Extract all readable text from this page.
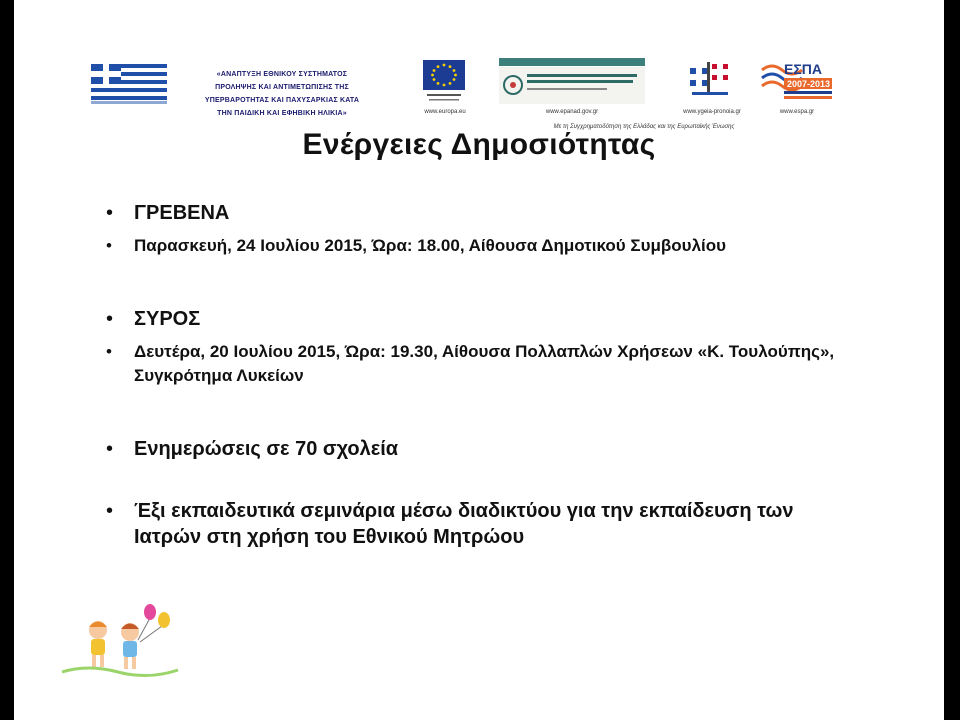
«ΑΝΑΠΤΥΞΗ ΕΘΝΙΚΟΥ ΣΥΣΤΗΜΑΤΟΣ
ΠΡΟΛΗΨΗΣ ΚΑΙ ΑΝΤΙΜΕΤΩΠΙΣΗΣ ΤΗΣ
ΥΠΕΡΒΑΡΟΤΗΤΑΣ ΚΑΙ ΠΑΧΥΣΑΡΚΙΑΣ ΚΑΤΑ
ΤΗΝ ΠΑΙΔΙΚΗ ΚΑΙ ΕΦΗΒΙΚΗ ΗΛΙΚΙΑ»	www.europa.eu	www.epanad.gov.gr	www.ygeia-pronoia.gr
ΕΣΠΑ
2007-2013
www.espa.gr
Με τη Συγχρηματοδότηση της Ελλάδας και της Ευρωπαϊκής Ένωσης
Ενέργειες Δημοσιότητας
• ΓΡΕΒΕΝΑ
• Παρασκευή, 24 Ιουλίου 2015, Ώρα: 18.00, Αίθουσα Δημοτικού Συμβουλίου
• ΣΥΡΟΣ
• Δευτέρα, 20 Ιουλίου 2015, Ώρα: 19.30, Αίθουσα Πολλαπλών Χρήσεων «Κ. Τουλούπης», Συγκρότημα Λυκείων
• Ενημερώσεις σε 70 σχολεία
• Έξι εκπαιδευτικά σεμινάρια μέσω διαδικτύου για την εκπαίδευση των Ιατρών στη χρήση του Εθνικού Μητρώου
